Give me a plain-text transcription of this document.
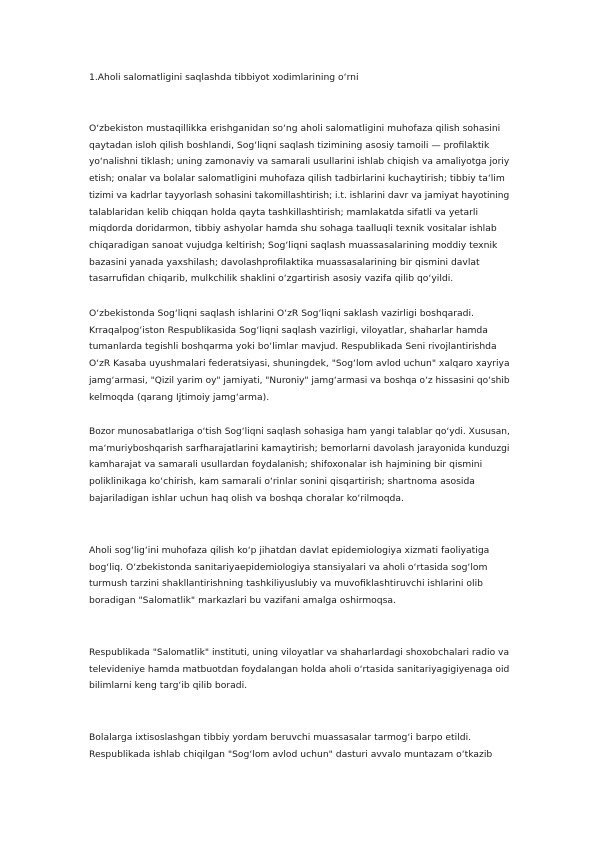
1.Aholi salomatligini saqlashda tibbiyot xodimlarining o‘rni
O‘zbekiston mustaqillikka erishganidan so‘ng aholi salomatligini muhofaza qilish sohasini
qaytadan isloh qilish boshlandi, Sog‘liqni saqlash tizimining asosiy tamoili — profilaktik
yo‘nalishni tiklash; uning zamonaviy va samarali usullarini ishlab chiqish va amaliyotga joriy
etish; onalar va bolalar salomatligini muhofaza qilish tadbirlarini kuchaytirish; tibbiy ta‘lim
tizimi va kadrlar tayyorlash sohasini takomillashtirish; i.t. ishlarini davr va jamiyat hayotining
talablaridan kelib chiqqan holda qayta tashkillashtirish; mamlakatda sifatli va yetarli
miqdorda doridarmon, tibbiy ashyolar hamda shu sohaga taalluqli texnik vositalar ishlab
chiqaradigan sanoat vujudga keltirish; Sog‘liqni saqlash muassasalarining moddiy texnik
bazasini yanada yaxshilash; davolashprofilaktika muassasalarining bir qismini davlat
tasarrufidan chiqarib, mulkchilik shaklini o‘zgartirish asosiy vazifa qilib qo‘yildi.
O‘zbekistonda Sog‘liqni saqlash ishlarini O‘zR Sog‘liqni saklash vazirligi boshqaradi.
Krraqalpog‘iston Respublikasida Sog‘liqni saqlash vazirligi, viloyatlar, shaharlar hamda
tumanlarda tegishli boshqarma yoki bo‘limlar mavjud. Respublikada Seni rivojlantirishda
O‘zR Kasaba uyushmalari federatsiyasi, shuningdek, "Sog‘lom avlod uchun" xalqaro xayriya
jamg‘armasi, "Qizil yarim oy" jamiyati, "Nuroniy" jamg‘armasi va boshqa o‘z hissasini qo‘shib
kelmoqda (qarang Ijtimoiy jamg‘arma).
Bozor munosabatlariga o‘tish Sog‘liqni saqlash sohasiga ham yangi talablar qo‘ydi. Xususan,
ma‘muriyboshqarish sarfharajatlarini kamaytirish; bemorlarni davolash jarayonida kunduzgi
kamharajat va samarali usullardan foydalanish; shifoxonalar ish hajmining bir qismini
poliklinikaga ko‘chirish, kam samarali o‘rinlar sonini qisqartirish; shartnoma asosida
bajariladigan ishlar uchun haq olish va boshqa choralar ko‘rilmoqda.
Aholi sog‘lig‘ini muhofaza qilish ko‘p jihatdan davlat epidemiologiya xizmati faoliyatiga
bog‘liq. O‘zbekistonda sanitariyaepidemiologiya stansiyalari va aholi o‘rtasida sog‘lom
turmush tarzini shakllantirishning tashkiliyuslubiy va muvofiklashtiruvchi ishlarini olib
boradigan "Salomatlik" markazlari bu vazifani amalga oshirmoqsa.
Respublikada "Salomatlik" instituti, uning viloyatlar va shaharlardagi shoxobchalari radio va
televideniye hamda matbuotdan foydalangan holda aholi o‘rtasida sanitariyagigiyenaga oid
bilimlarni keng targ‘ib qilib boradi.
Bolalarga ixtisoslashgan tibbiy yordam beruvchi muassasalar tarmog‘i barpo etildi.
Respublikada ishlab chiqilgan "Sog‘lom avlod uchun" dasturi avvalo muntazam o‘tkazib
